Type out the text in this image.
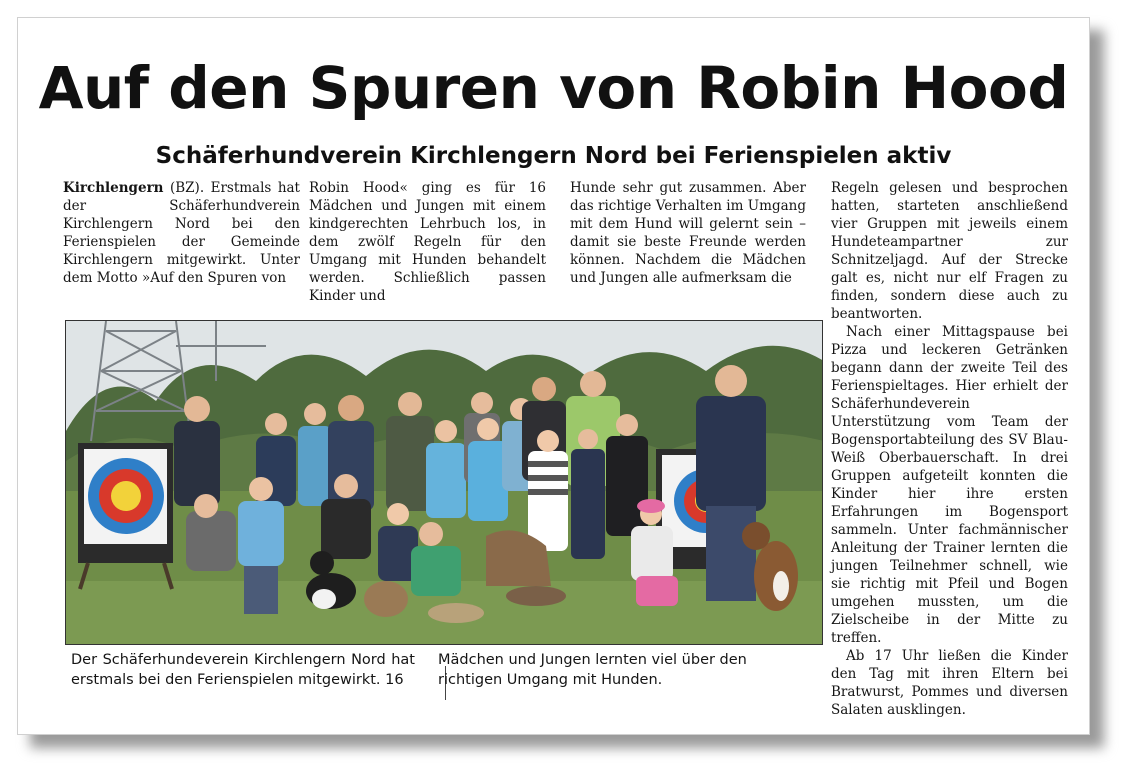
Auf den Spuren von Robin Hood
Schäferhundverein Kirchlengern Nord bei Ferienspielen aktiv

Kirchlengern (BZ). Erstmals hat der Schäferhundverein Kirchlengern Nord bei den Ferienspielen der Gemeinde Kirchlengern mitgewirkt. Unter dem Motto »Auf den Spuren von

Robin Hood« ging es für 16 Mädchen und Jungen mit einem kindgerechten Lehrbuch los, in dem zwölf Regeln für den Umgang mit Hunden behandelt werden. Schließlich passen Kinder und

Hunde sehr gut zusammen. Aber das richtige Verhalten im Umgang mit dem Hund will gelernt sein – damit sie beste Freunde werden können. Nachdem die Mädchen und Jungen alle aufmerksam die

Regeln gelesen und besprochen hatten, starteten anschließend vier Gruppen mit jeweils einem Hundeteampartner zur Schnitzeljagd. Auf der Strecke galt es, nicht nur elf Fragen zu finden, sondern diese auch zu beantworten.

Nach einer Mittagspause bei Pizza und leckeren Getränken begann dann der zweite Teil des Ferienspieltages. Hier erhielt der Schäferhundeverein Unterstützung vom Team der Bogensportabteilung des SV Blau-Weiß Oberbauerschaft. In drei Gruppen aufgeteilt konnten die Kinder hier ihre ersten Erfahrungen im Bogensport sammeln. Unter fachmännischer Anleitung der Trainer lernten die jungen Teilnehmer schnell, wie sie richtig mit Pfeil und Bogen umgehen mussten, um die Zielscheibe in der Mitte zu treffen.

Ab 17 Uhr ließen die Kinder den Tag mit ihren Eltern bei Bratwurst, Pommes und diversen Salaten ausklingen.

Der Schäferhundeverein Kirchlengern Nord hat erstmals bei den Ferienspielen mitgewirkt. 16
Mädchen und Jungen lernten viel über den richtigen Umgang mit Hunden.
